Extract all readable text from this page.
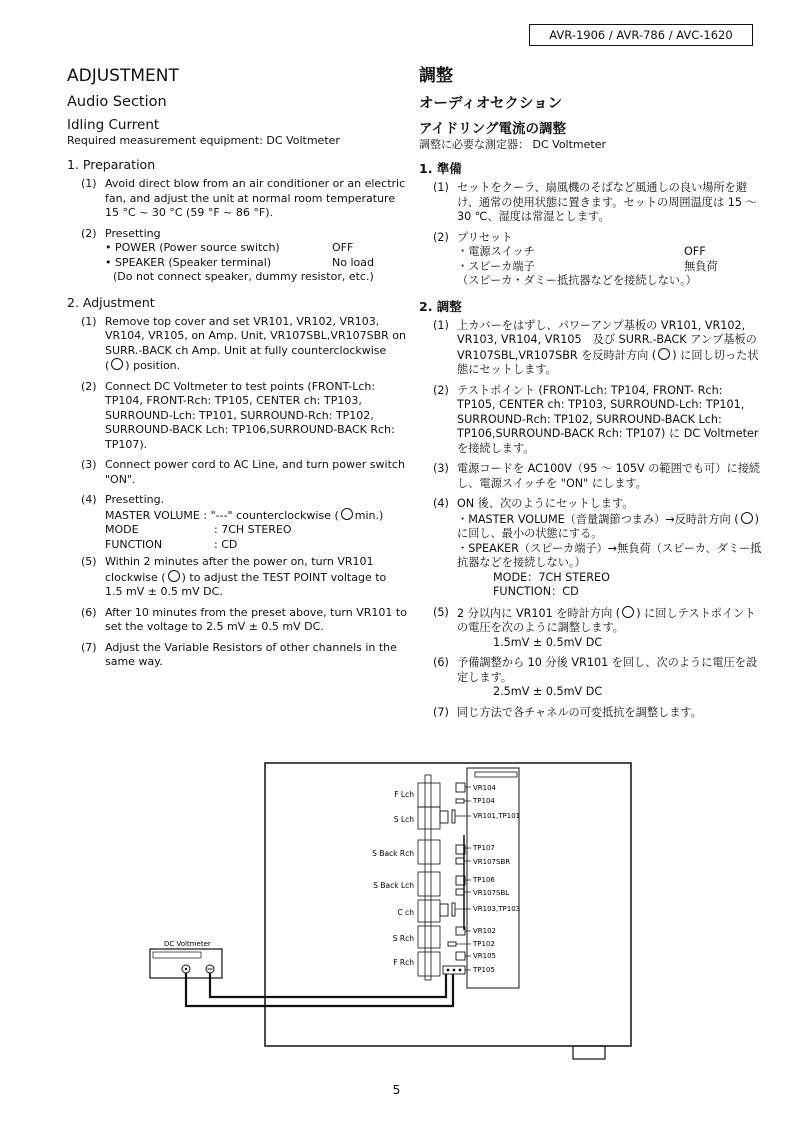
AVR-1906 / AVR-786 / AVC-1620
ADJUSTMENT
Audio Section
Idling Current

Required measurement equipment: DC Voltmeter

1. Preparation
(1) Avoid direct blow from an air conditioner or an electric fan, and adjust the unit at normal room temperature 15 °C ~ 30 °C (59 °F ~ 86 °F).

(2) Presetting

• POWER (Power source switch)	OFF
• SPEAKER (Speaker terminal)	No load

(Do not connect speaker, dummy resistor, etc.)

2. Adjustment
(1) Remove top cover and set VR101, VR102, VR103, VR104, VR105, on Amp. Unit, VR107SBL,VR107SBR on SURR.-BACK ch Amp. Unit at fully counterclockwise

( ) position.

(2) Connect DC Voltmeter to test points (FRONT-Lch: TP104, FRONT-Rch: TP105, CENTER ch: TP103, SURROUND-Lch: TP101, SURROUND-Rch: TP102, SURROUND-BACK Lch: TP106,SURROUND-BACK Rch: TP107).

(3) Connect power cord to AC Line, and turn power switch "ON".

(4) Presetting.

MASTER VOLUME : "---" counterclockwise ( min.)

MODE	: 7CH STEREO
FUNCTION	: CD
(5) Within 2 minutes after the power on, turn VR101 clockwise ( ) to adjust the TEST POINT voltage to 1.5 mV ± 0.5 mV DC.

(6) After 10 minutes from the preset above, turn VR101 to set the voltage to 2.5 mV ± 0.5 mV DC.

(7) Adjust the Variable Resistors of other channels in the same way.

調整
オーディオセクション
アイドリング電流の調整

調整に必要な測定器： DC Voltmeter

1. 準備
(1) セットをクーラ、扇風機のそばなど風通しの良い場所を避け、通常の使用状態に置きます。セットの周囲温度は 15 ～ 30 ℃、湿度は常湿とします。

(2) プリセット

・電源スイッチ	OFF
・スピーカ端子	無負荷

（スピーカ・ダミー抵抗器などを接続しない。）

2. 調整
(1) 上カバーをはずし、パワーアンプ基板の VR101, VR102, VR103, VR104, VR105　及び SURR.-BACK アンプ基板の VR107SBL,VR107SBR を反時計方向 ( ) に回し切った状態にセットします。

(2) テストポイント (FRONT-Lch: TP104, FRONT- Rch: TP105, CENTER ch: TP103, SURROUND-Lch: TP101, SURROUND-Rch: TP102, SURROUND-BACK Lch: TP106,SURROUND-BACK Rch: TP107) に DC Voltmeter を接続します。

(3) 電源コードを AC100V（95 ～ 105V の範囲でも可）に接続し、電源スイッチを "ON" にします。

(4) ON 後、次のようにセットします。

・MASTER VOLUME（音量調節つまみ）→反時計方向 ( ) に回し、最小の状態にする。

・SPEAKER（スピーカ端子）→無負荷（スピーカ、ダミー抵抗器などを接続しない。）

MODE：7CH STEREO

FUNCTION：CD

(5) 2 分以内に VR101 を時計方向 ( ) に回しテストポイントの電圧を次のように調整します。

1.5mV ± 0.5mV DC

(6) 予備調整から 10 分後 VR101 を回し、次のように電圧を設定します。

2.5mV ± 0.5mV DC

(7) 同じ方法で各チャネルの可変抵抗を調整します。

DC Voltmeter
F Lch
S Lch
S Back Rch
S Back Lch
C ch
S Rch
F Rch
VR104
TP104
VR101,TP101
TP107
VR107SBR
TP106
VR107SBL
VR103,TP103
VR102
TP102
VR105
TP105
5
